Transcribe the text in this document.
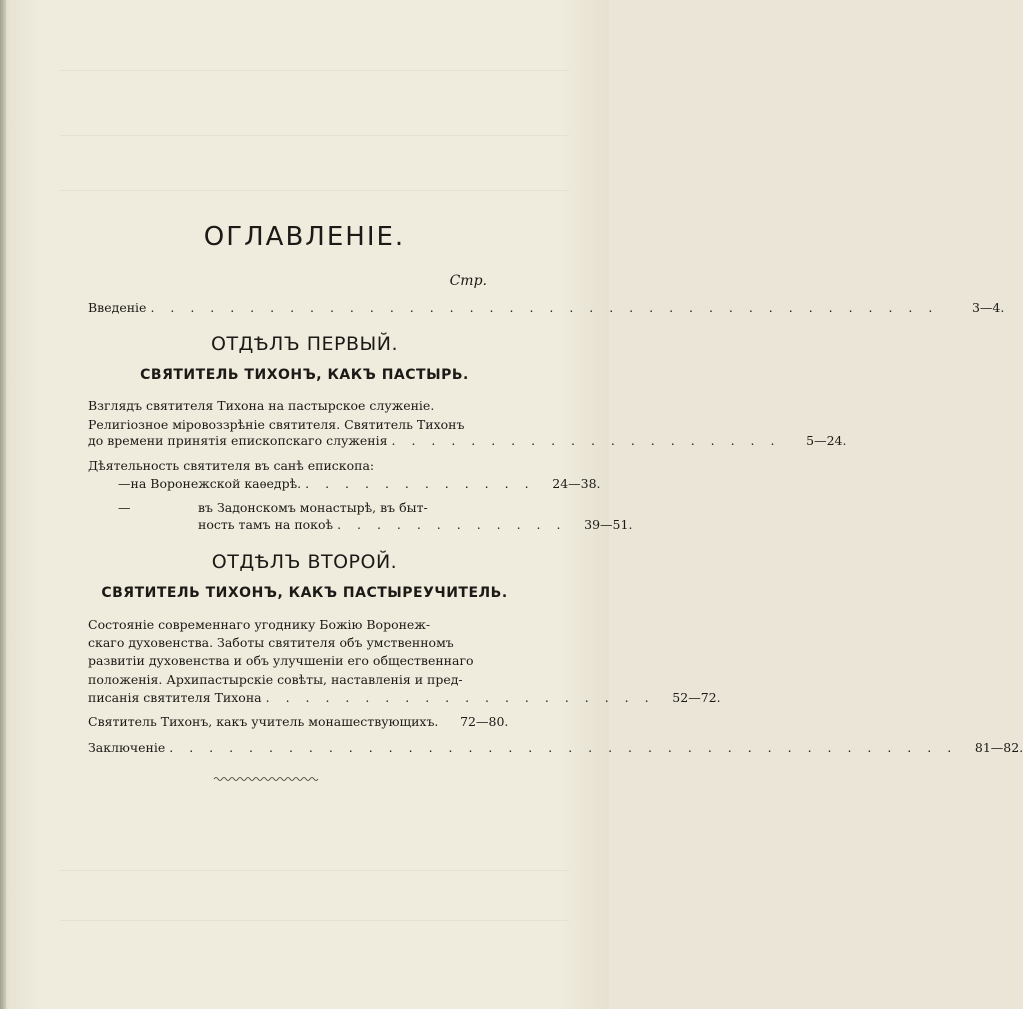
ОГЛАВЛЕНІЕ.
Стр.
Введеніе . . . . . . . . . . . . . . . . . . . . . . . . . . . . . . . . . . . . . . . .	3—4.
ОТДѢЛЪ ПЕРВЫЙ.
СВЯТИТЕЛЬ ТИХОНЪ, КАКЪ ПАСТЫРЬ.
Взглядъ святителя Тихона на пастырское служеніе.
Религіозное міровоззрѣніе святителя. Святитель Тихонъ
до времени принятія епископскаго служенія . . . . . . . . . . . . . . . . . . . .	5—24.
Дѣятельность святителя въ санѣ епископа:
— на Воронежской каѳедрѣ. . . . . . . . . . . . .	24—38.
—	въ Задонскомъ монастырѣ, въ быт-
ность тамъ на покоѣ . . . . . . . . . . . .	39—51.
ОТДѢЛЪ ВТОРОЙ.
СВЯТИТЕЛЬ ТИХОНЪ, КАКЪ ПАСТЫРЕУЧИТЕЛЬ.
Состояніе современнаго угоднику Божію Воронеж-
скаго духовенства. Заботы святителя объ умственномъ
развитіи духовенства и объ улучшеніи его общественнаго
положенія. Архипастырскіе совѣты, наставленія и пред-
писанія святителя Тихона . . . . . . . . . . . . . . . . . . . .	52—72.
Святитель Тихонъ, какъ учитель монашествующихъ.	72—80.
Заключеніе . . . . . . . . . . . . . . . . . . . . . . . . . . . . . . . . . . . . . . . .	81—82.
